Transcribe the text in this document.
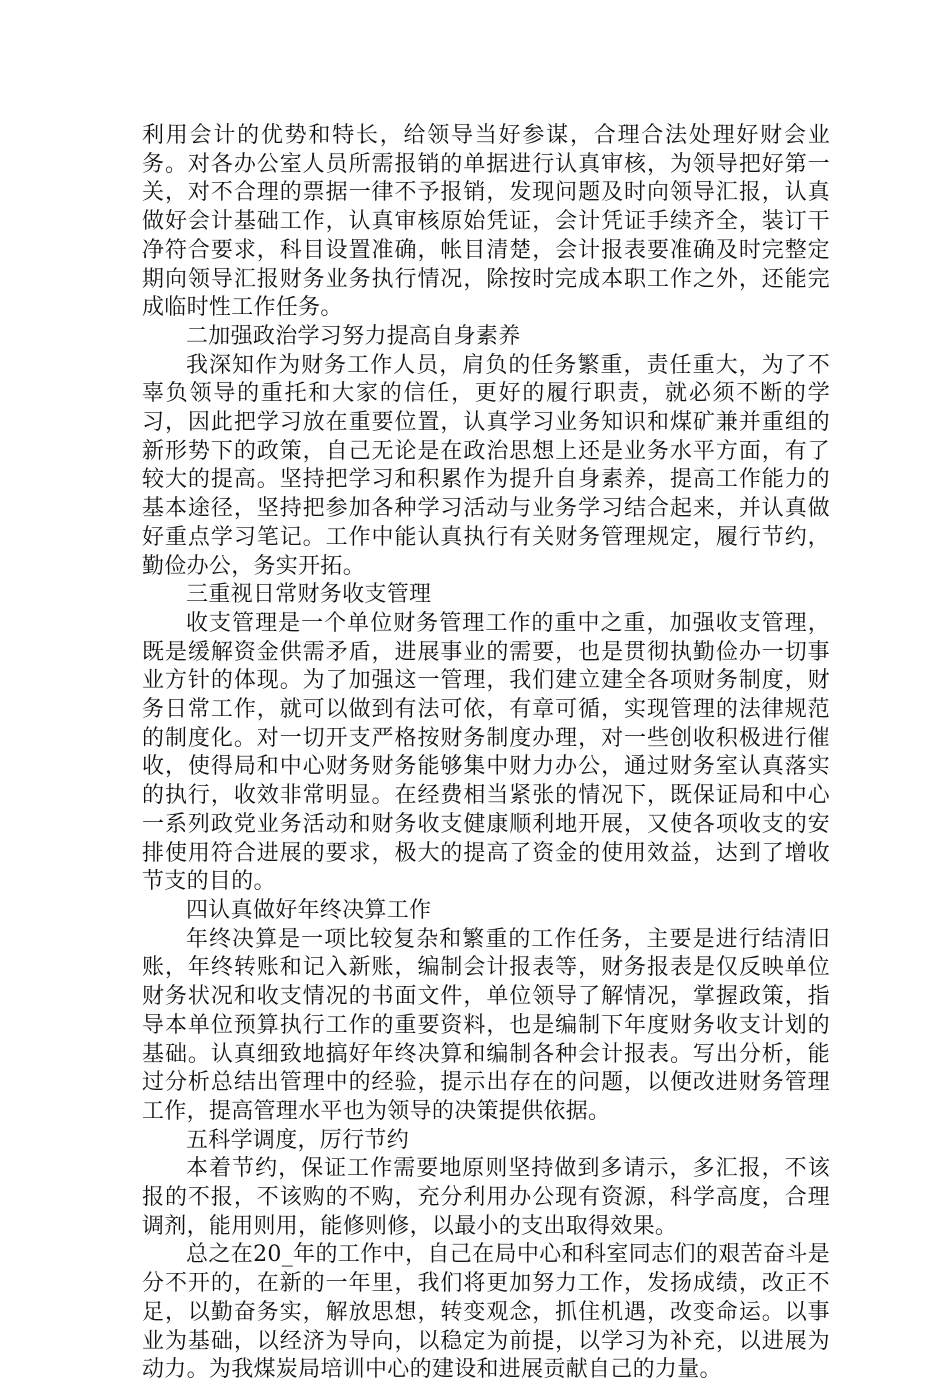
利用会计的优势和特长，给领导当好参谋，合理合法处理好财会业务。对各办公室人员所需报销的单据进行认真审核，为领导把好第一关，对不合理的票据一律不予报销，发现问题及时向领导汇报，认真做好会计基础工作，认真审核原始凭证，会计凭证手续齐全，装订干净符合要求，科目设置准确，帐目清楚，会计报表要准确及时完整定期向领导汇报财务业务执行情况，除按时完成本职工作之外，还能完成临时性工作任务。

二加强政治学习努力提高自身素养

我深知作为财务工作人员，肩负的任务繁重，责任重大，为了不辜负领导的重托和大家的信任，更好的履行职责，就必须不断的学习，因此把学习放在重要位置，认真学习业务知识和煤矿兼并重组的新形势下的政策，自己无论是在政治思想上还是业务水平方面，有了较大的提高。坚持把学习和积累作为提升自身素养，提高工作能力的基本途径，坚持把参加各种学习活动与业务学习结合起来，并认真做好重点学习笔记。工作中能认真执行有关财务管理规定，履行节约，勤俭办公，务实开拓。

三重视日常财务收支管理

收支管理是一个单位财务管理工作的重中之重，加强收支管理，既是缓解资金供需矛盾，进展事业的需要，也是贯彻执勤俭办一切事业方针的体现。为了加强这一管理，我们建立建全各项财务制度，财务日常工作，就可以做到有法可依，有章可循，实现管理的法律规范的制度化。对一切开支严格按财务制度办理，对一些创收积极进行催收，使得局和中心财务财务能够集中财力办公，通过财务室认真落实的执行，收效非常明显。在经费相当紧张的情况下，既保证局和中心一系列政党业务活动和财务收支健康顺利地开展，又使各项收支的安排使用符合进展的要求，极大的提高了资金的使用效益，达到了增收节支的目的。

四认真做好年终决算工作

年终决算是一项比较复杂和繁重的工作任务，主要是进行结清旧账，年终转账和记入新账，编制会计报表等，财务报表是仅反映单位财务状况和收支情况的书面文件，单位领导了解情况，掌握政策，指导本单位预算执行工作的重要资料，也是编制下年度财务收支计划的基础。认真细致地搞好年终决算和编制各种会计报表。写出分析，能过分析总结出管理中的经验，提示出存在的问题，以便改进财务管理工作，提高管理水平也为领导的决策提供依据。

五科学调度，厉行节约

本着节约，保证工作需要地原则坚持做到多请示，多汇报，不该报的不报，不该购的不购，充分利用办公现有资源，科学高度，合理调剂，能用则用，能修则修，以最小的支出取得效果。

总之在20_年的工作中，自己在局中心和科室同志们的艰苦奋斗是分不开的，在新的一年里，我们将更加努力工作，发扬成绩，改正不足，以勤奋务实，解放思想，转变观念，抓住机遇，改变命运。以事业为基础，以经济为导向，以稳定为前提，以学习为补充，以进展为动力。为我煤炭局培训中心的建设和进展贡献自己的力量。
